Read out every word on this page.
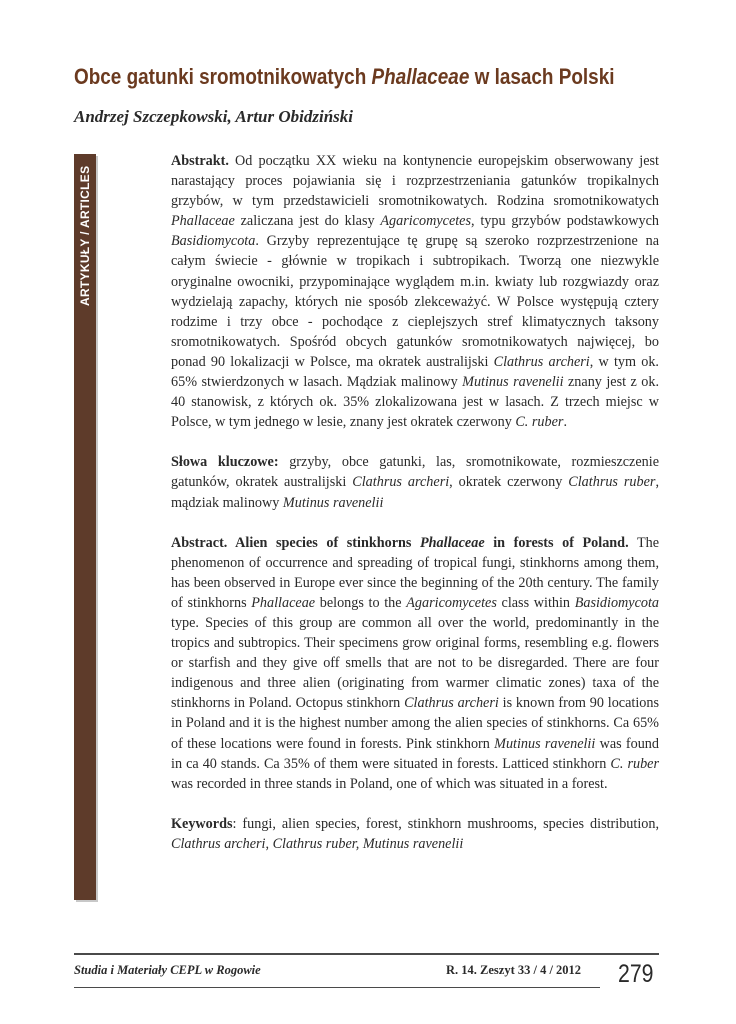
Obce gatunki sromotnikowatych Phallaceae w lasach Polski
Andrzej Szczepkowski, Artur Obidziński
ARTYKUŁY / ARTICLES

Abstrakt. Od początku XX wieku na kontynencie europejskim obserwowany jest narastający proces pojawiania się i rozprzestrzeniania gatunków tropikalnych grzybów, w tym przedstawicieli sromotnikowatych. Rodzina sromotnikowatych Phallaceae zaliczana jest do klasy Agaricomycetes, typu grzybów podstawkowych Basidiomycota. Grzyby reprezentujące tę grupę są szeroko rozprzestrzenione na całym świecie - głównie w tropikach i subtropikach. Tworzą one niezwykle oryginalne owocniki, przypominające wyglądem m.in. kwiaty lub rozgwiazdy oraz wydzielają zapachy, których nie sposób zlekceważyć. W Polsce występują cztery rodzime i trzy obce - pochodące z cieplejszych stref klimatycznych taksony sromotnikowatych. Spośród obcych gatunków sromotnikowatych najwięcej, bo ponad 90 lokalizacji w Polsce, ma okratek australijski Clathrus archeri, w tym ok. 65% stwierdzonych w lasach. Mądziak malinowy Mutinus ravenelii znany jest z ok. 40 stanowisk, z których ok. 35% zlokalizowana jest w lasach. Z trzech miejsc w Polsce, w tym jednego w lesie, znany jest okratek czerwony C. ruber.

Słowa kluczowe: grzyby, obce gatunki, las, sromotnikowate, rozmieszczenie gatunków, okratek australijski Clathrus archeri, okratek czerwony Clathrus ruber, mądziak malinowy Mutinus ravenelii

Abstract. Alien species of stinkhorns Phallaceae in forests of Poland. The phenomenon of occurrence and spreading of tropical fungi, stinkhorns among them, has been observed in Europe ever since the beginning of the 20th century. The family of stinkhorns Phallaceae belongs to the Agaricomycetes class within Basidiomycota type. Species of this group are common all over the world, predominantly in the tropics and subtropics. Their specimens grow original forms, resembling e.g. flowers or starfish and they give off smells that are not to be disregarded. There are four indigenous and three alien (originating from warmer climatic zones) taxa of the stinkhorns in Poland. Octopus stinkhorn Clathrus archeri is known from 90 locations in Poland and it is the highest number among the alien species of stinkhorns. Ca 65% of these locations were found in forests. Pink stinkhorn Mutinus ravenelii was found in ca 40 stands. Ca 35% of them were situated in forests. Latticed stinkhorn C. ruber was recorded in three stands in Poland, one of which was situated in a forest.

Keywords: fungi, alien species, forest, stinkhorn mushrooms, species distribution, Clathrus archeri, Clathrus ruber, Mutinus ravenelii

Studia i Materiały CEPL w Rogowie	R. 14. Zeszyt 33 / 4 / 2012 279
